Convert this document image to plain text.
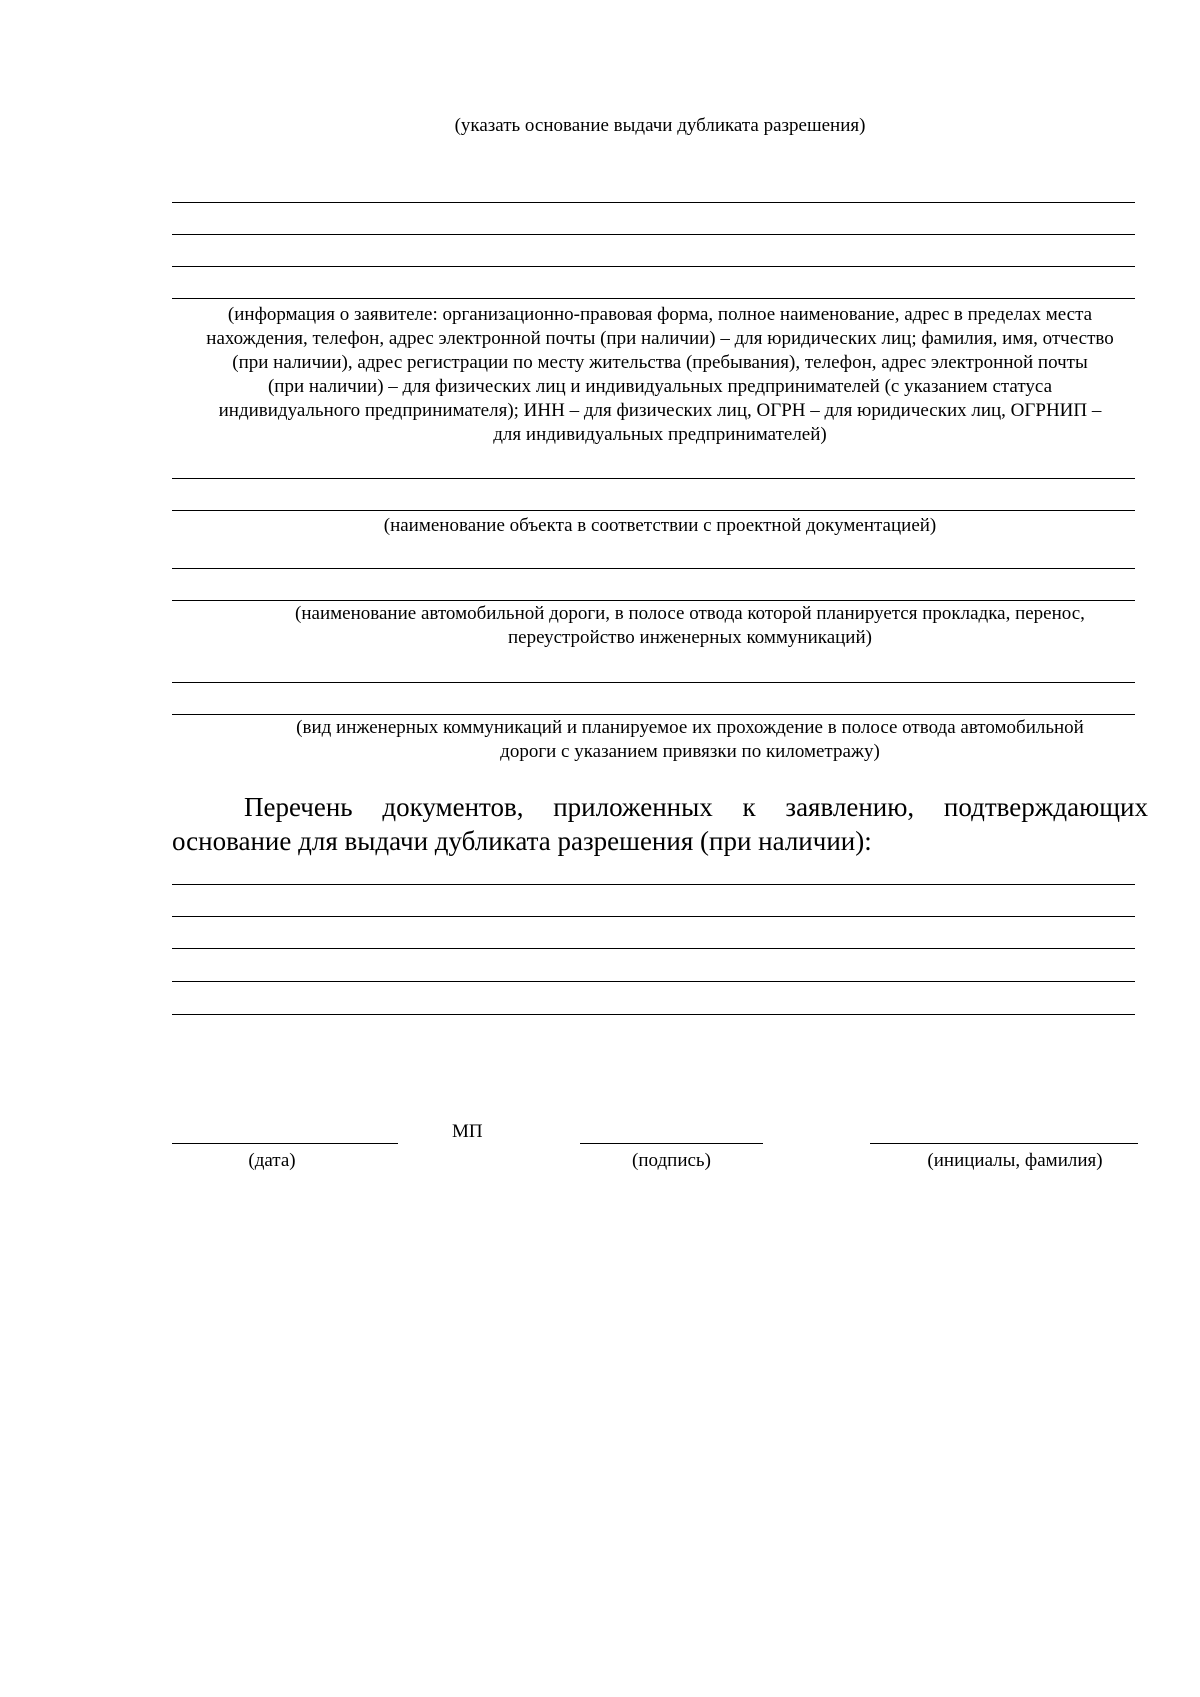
(указать основание выдачи дубликата разрешения)
(информация о заявителе: организационно-правовая форма, полное наименование, адрес в пределах места
нахождения, телефон, адрес электронной почты (при наличии) – для юридических лиц; фамилия, имя, отчество
(при наличии), адрес регистрации по месту жительства (пребывания), телефон, адрес электронной почты
(при наличии) – для физических лиц и индивидуальных предпринимателей (с указанием статуса
индивидуального предпринимателя); ИНН – для физических лиц, ОГРН – для юридических лиц, ОГРНИП –
для индивидуальных предпринимателей)
(наименование объекта в соответствии с проектной документацией)
(наименование автомобильной дороги, в полосе отвода которой планируется прокладка, перенос,
переустройство инженерных коммуникаций)
(вид инженерных коммуникаций и планируемое их прохождение в полосе отвода автомобильной
дороги с указанием привязки по километражу)
Перечень документов, приложенных к заявлению, подтверждающих
основание для выдачи дубликата разрешения (при наличии):
МП
(дата)	(подпись)	(инициалы, фамилия)
